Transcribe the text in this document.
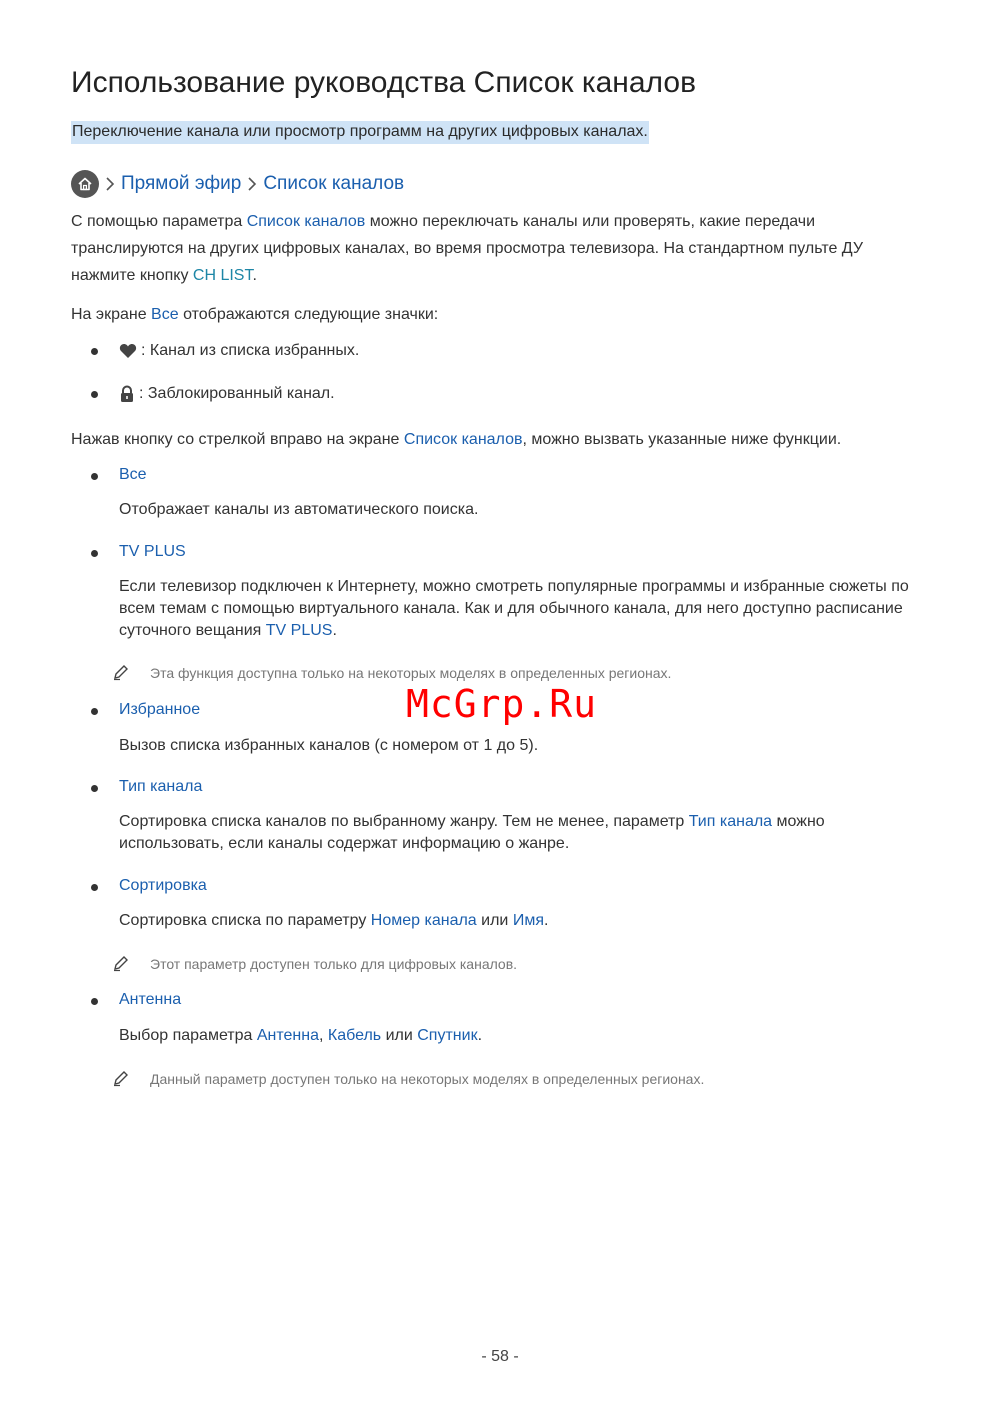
Использование руководства Список каналов
Переключение канала или просмотр программ на других цифровых каналах.
Прямой эфир Список каналов
С помощью параметра Список каналов можно переключать каналы или проверять, какие передачи транслируются на других цифровых каналах, во время просмотра телевизора. На стандартном пульте ДУ нажмите кнопку CH LIST.
На экране Все отображаются следующие значки:
: Канал из списка избранных.
: Заблокированный канал.
Нажав кнопку со стрелкой вправо на экране Список каналов, можно вызвать указанные ниже функции.
Все
Отображает каналы из автоматического поиска.
TV PLUS
Если телевизор подключен к Интернету, можно смотреть популярные программы и избранные сюжеты по всем темам с помощью виртуального канала. Как и для обычного канала, для него доступно расписание суточного вещания TV PLUS.
Эта функция доступна только на некоторых моделях в определенных регионах.
McGrp.Ru
Избранное
Вызов списка избранных каналов (с номером от 1 до 5).
Тип канала
Сортировка списка каналов по выбранному жанру. Тем не менее, параметр Тип канала можно использовать, если каналы содержат информацию о жанре.
Сортировка
Сортировка списка по параметру Номер канала или Имя.
Этот параметр доступен только для цифровых каналов.
Антенна
Выбор параметра Антенна, Кабель или Спутник.
Данный параметр доступен только на некоторых моделях в определенных регионах.
- 58 -
